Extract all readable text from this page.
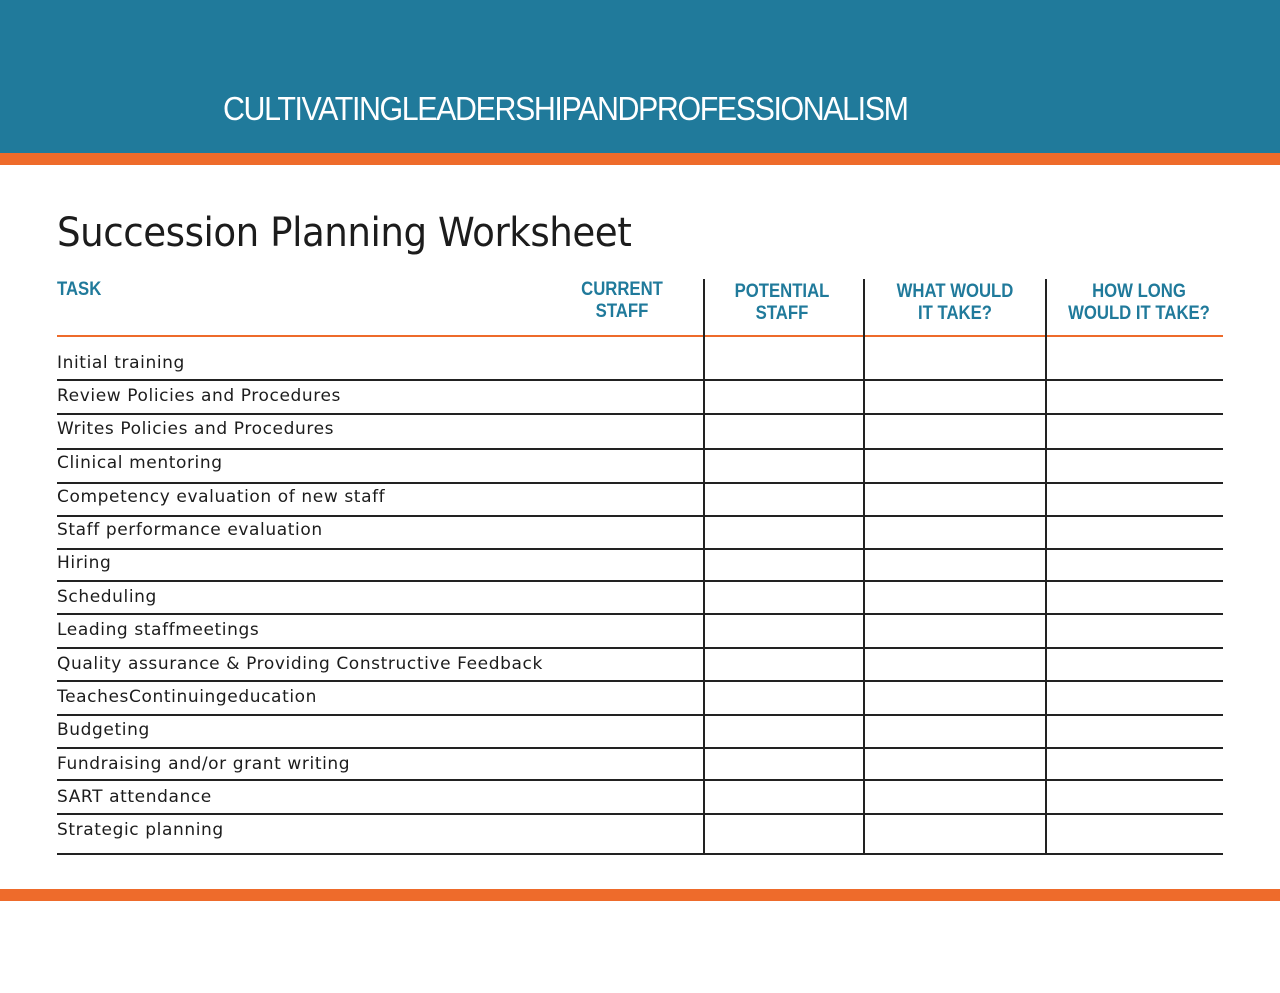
CULTIVATINGLEADERSHIPANDPROFESSIONALISM
Succession Planning Worksheet
TASK	CURRENT
STAFF
POTENTIAL
STAFF
WHAT WOULD
IT TAKE?
HOW LONG
WOULD IT TAKE?
Initial training
Review Policies and Procedures
Writes Policies and Procedures
Clinical mentoring
Competency evaluation of new staff
Staff performance evaluation
Hiring
Scheduling
Leading staffmeetings
Quality assurance & Providing Constructive Feedback
TeachesContinuingeducation
Budgeting
Fundraising and/or grant writing
SART attendance
Strategic planning
